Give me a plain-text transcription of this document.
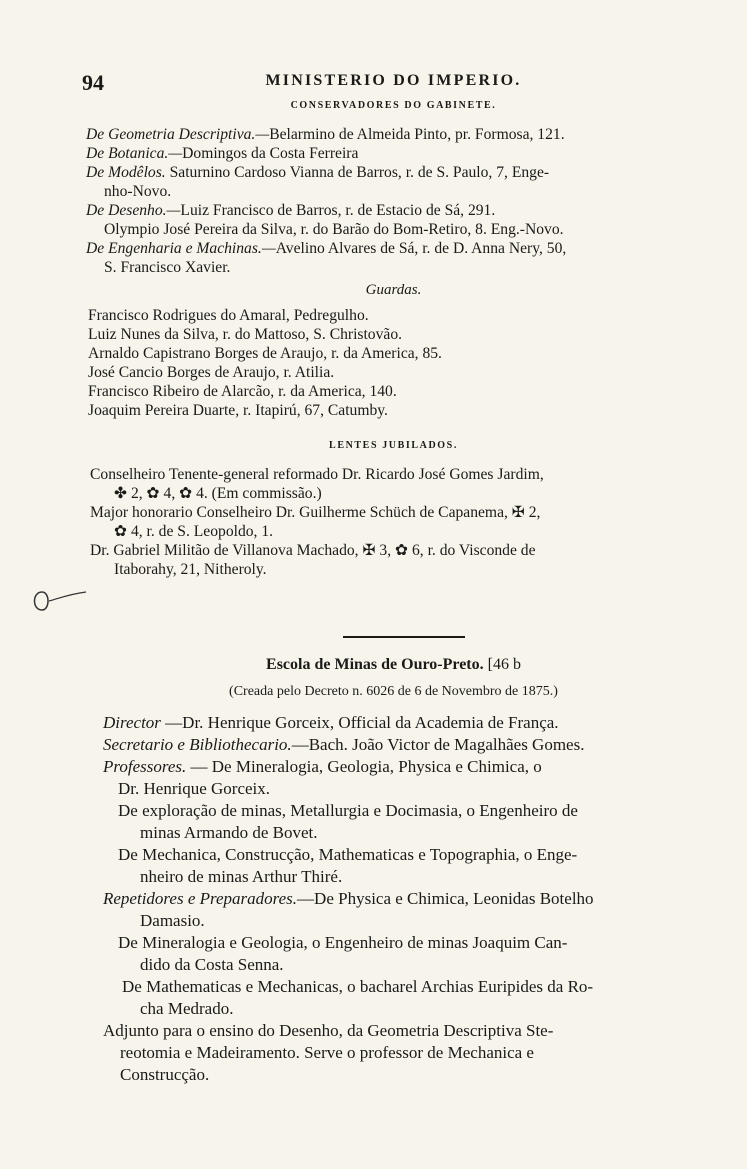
94	MINISTERIO DO IMPERIO.
CONSERVADORES DO GABINETE.
De Geometria Descriptiva.—Belarmino de Almeida Pinto, pr. Formosa, 121.
De Botanica.—Domingos da Costa Ferreira
De Modêlos. Saturnino Cardoso Vianna de Barros, r. de S. Paulo, 7, Enge-
nho-Novo.
De Desenho.—Luiz Francisco de Barros, r. de Estacio de Sá, 291.
Olympio José Pereira da Silva, r. do Barão do Bom-Retiro, 8. Eng.-Novo.
De Engenharia e Machinas.—Avelino Alvares de Sá, r. de D. Anna Nery, 50,
S. Francisco Xavier.
Guardas.
Francisco Rodrigues do Amaral, Pedregulho.
Luiz Nunes da Silva, r. do Mattoso, S. Christovão.
Arnaldo Capistrano Borges de Araujo, r. da America, 85.
José Cancio Borges de Araujo, r. Atilia.
Francisco Ribeiro de Alarcão, r. da America, 140.
Joaquim Pereira Duarte, r. Itapirú, 67, Catumby.
LENTES JUBILADOS.
Conselheiro Tenente-general reformado Dr. Ricardo José Gomes Jardim,
✤ 2, ✿ 4, ✿ 4. (Em commissão.)
Major honorario Conselheiro Dr. Guilherme Schüch de Capanema, ✠ 2,
✿ 4, r. de S. Leopoldo, 1.
Dr. Gabriel Militão de Villanova Machado, ✠ 3, ✿ 6, r. do Visconde de
Itaborahy, 21, Nitheroly.
Escola de Minas de Ouro-Preto. [46 b
(Creada pelo Decreto n. 6026 de 6 de Novembro de 1875.)
Director —Dr. Henrique Gorceix, Official da Academia de França.
Secretario e Bibliothecario.—Bach. João Victor de Magalhães Gomes.
Professores. — De Mineralogia, Geologia, Physica e Chimica, o
Dr. Henrique Gorceix.
De exploração de minas, Metallurgia e Docimasia, o Engenheiro de
minas Armando de Bovet.
De Mechanica, Construcção, Mathematicas e Topographia, o Enge-
nheiro de minas Arthur Thiré.
Repetidores e Preparadores.—De Physica e Chimica, Leonidas Botelho
Damasio.
De Mineralogia e Geologia, o Engenheiro de minas Joaquim Can-
dido da Costa Senna.
De Mathematicas e Mechanicas, o bacharel Archias Euripides da Ro-
cha Medrado.
Adjunto para o ensino do Desenho, da Geometria Descriptiva Ste-
reotomia e Madeiramento. Serve o professor de Mechanica e
Construcção.
